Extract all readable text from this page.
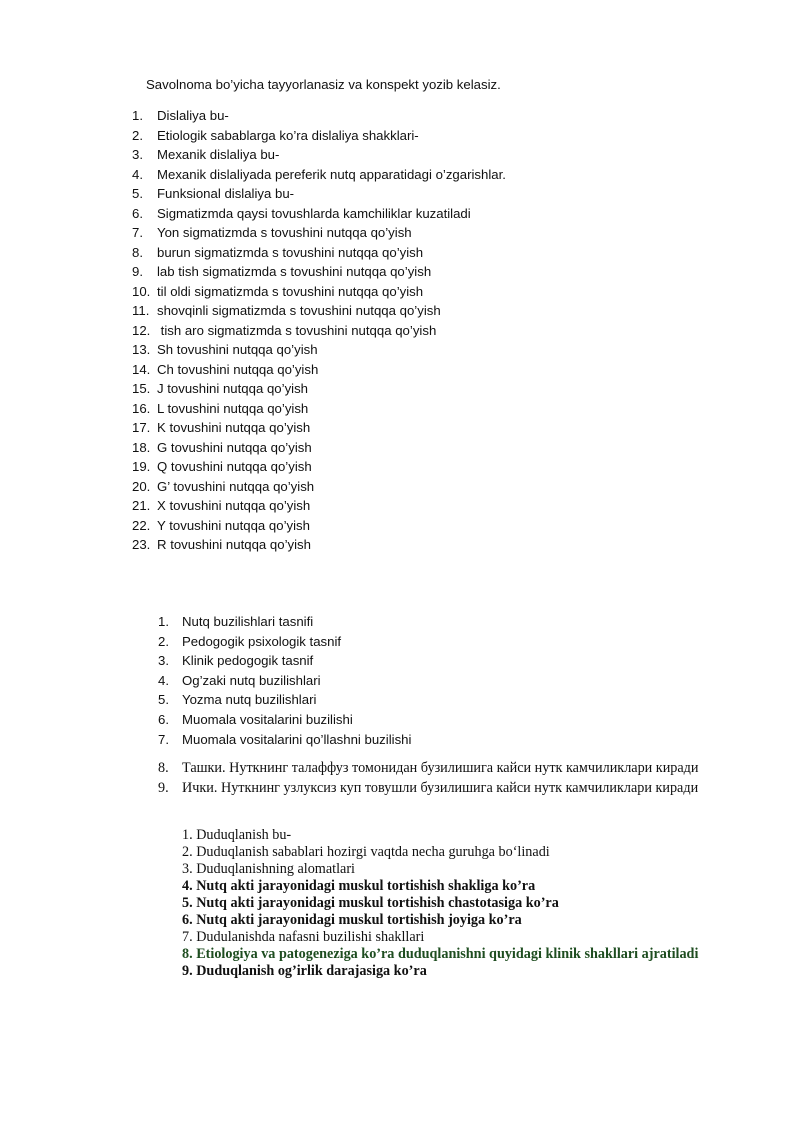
Savolnoma bo’yicha tayyorlanasiz va konspekt yozib kelasiz.
1. Dislaliya bu-
2. Etiologik sabablarga ko’ra dislaliya shakklari-
3. Mexanik dislaliya bu-
4. Mexanik dislaliyada pereferik nutq apparatidagi o’zgarishlar.
5. Funksional dislaliya bu-
6. Sigmatizmda qaysi tovushlarda kamchiliklar kuzatiladi
7. Yon sigmatizmda s tovushini nutqqa qo’yish
8. burun sigmatizmda s tovushini nutqqa qo’yish
9. lab tish sigmatizmda s tovushini nutqqa qo’yish
10. til oldi sigmatizmda s tovushini nutqqa qo’yish
11. shovqinli sigmatizmda s tovushini nutqqa qo’yish
12. tish aro sigmatizmda s tovushini nutqqa qo’yish
13. Sh tovushini nutqqa qo’yish
14. Ch tovushini nutqqa qo’yish
15. J tovushini nutqqa qo’yish
16. L tovushini nutqqa qo’yish
17. K tovushini nutqqa qo’yish
18. G tovushini nutqqa qo’yish
19. Q tovushini nutqqa qo’yish
20. G’ tovushini nutqqa qo’yish
21. X tovushini nutqqa qo’yish
22. Y tovushini nutqqa qo’yish
23. R tovushini nutqqa qo’yish
1. Nutq buzilishlari tasnifi
2. Pedogogik psixologik tasnif
3. Klinik pedogogik tasnif
4. Og’zaki nutq buzilishlari
5. Yozma nutq buzilishlari
6. Muomala vositalarini buzilishi
7. Muomala vositalarini qo’llashni buzilishi
8. Ташки. Нуткнинг талаффуз томонидан бузилишига кайси нутк камчиликлари киради
9. Ички. Нуткнинг узлуксиз куп товушли бузилишига кайси нутк камчиликлари киради
1. Duduqlanish bu-
2. Duduqlanish sabablari hozirgi vaqtda necha guruhga bo‘linadi
3. Duduqlanishning alomatlari
4. Nutq akti jarayonidagi muskul tortishish shakliga ko’ra
5. Nutq akti jarayonidagi muskul tortishish chastotasiga ko’ra
6. Nutq akti jarayonidagi muskul tortishish joyiga ko’ra
7. Dudulanishda nafasni buzilishi shakllari
8. Etiologiya va patogeneziga ko’ra duduqlanishni quyidagi klinik shakllari ajratiladi
9. Duduqlanish og’irlik darajasiga ko’ra
